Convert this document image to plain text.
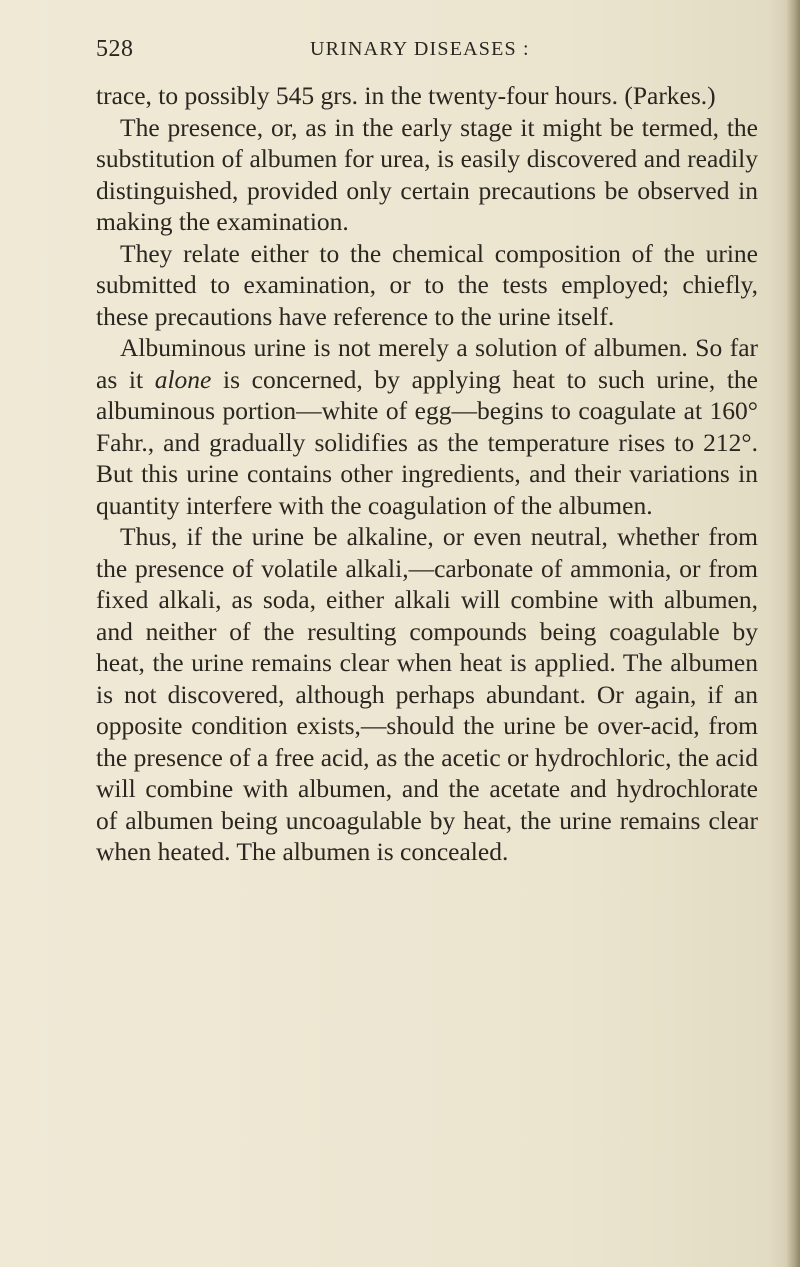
528	URINARY DISEASES :

trace, to possibly 545 grs. in the twenty-four hours. (Parkes.)

The presence, or, as in the early stage it might be termed, the substitution of albumen for urea, is easily discovered and readily distinguished, provided only certain precautions be observed in making the examination.

They relate either to the chemical composition of the urine submitted to examination, or to the tests employed; chiefly, these precautions have reference to the urine itself.

Albuminous urine is not merely a solution of albumen. So far as it alone is concerned, by applying heat to such urine, the albuminous portion—white of egg—begins to coagulate at 160° Fahr., and gradually solidifies as the temperature rises to 212°. But this urine contains other ingredients, and their variations in quantity interfere with the coagulation of the albumen.

Thus, if the urine be alkaline, or even neutral, whether from the presence of volatile alkali,—carbonate of ammonia, or from fixed alkali, as soda, either alkali will combine with albumen, and neither of the resulting compounds being coagulable by heat, the urine remains clear when heat is applied. The albumen is not discovered, although perhaps abundant. Or again, if an opposite condition exists,—should the urine be over-acid, from the presence of a free acid, as the acetic or hydrochloric, the acid will combine with albumen, and the acetate and hydrochlorate of albumen being uncoagulable by heat, the urine remains clear when heated. The albumen is concealed.
